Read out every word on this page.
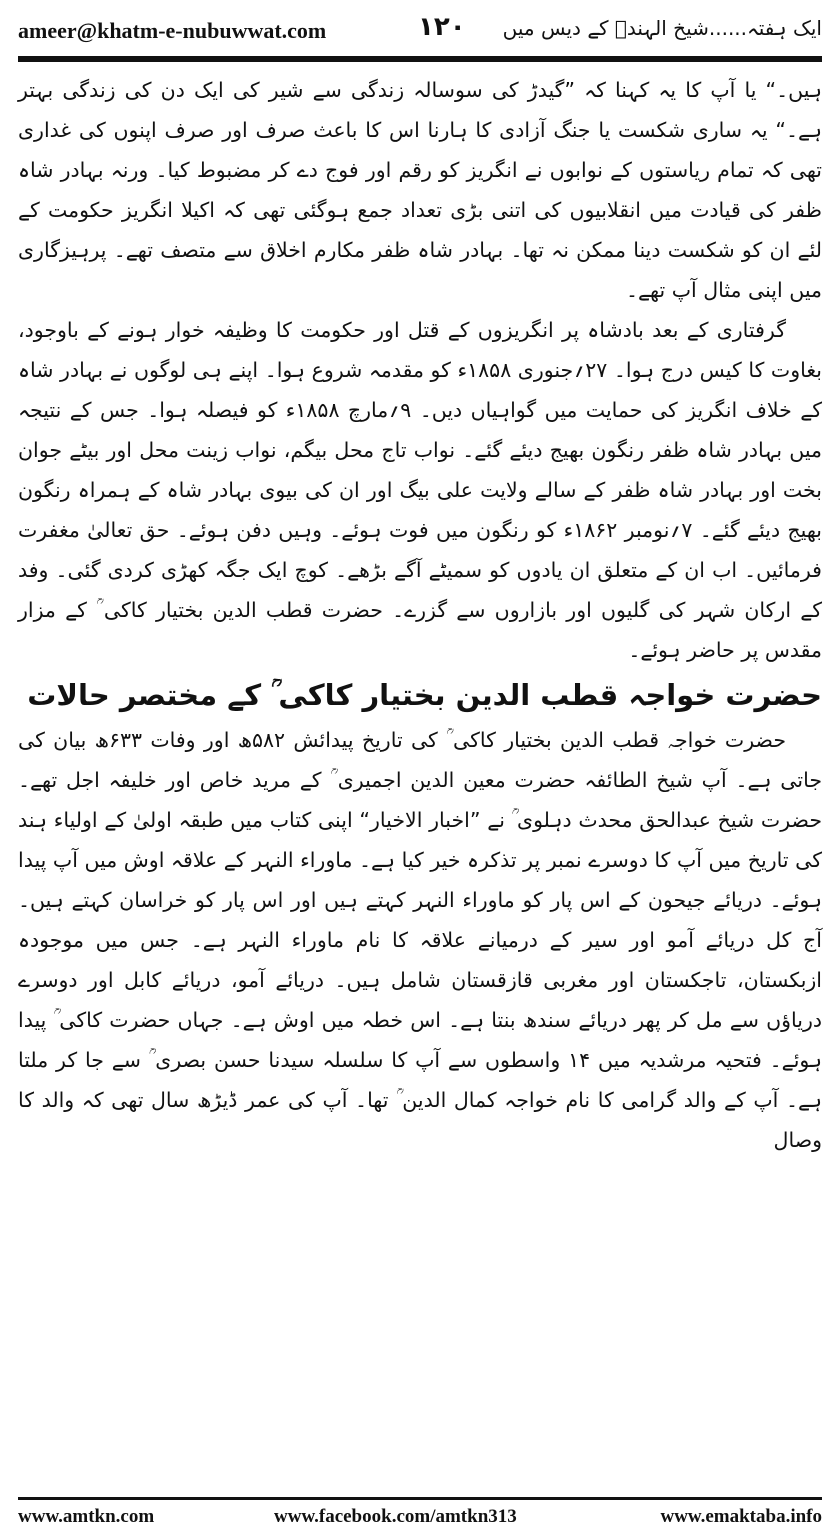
ameer@khatm-e-nubuwwat.com	۱۲۰ ایک ہفتہ......شیخ الہندؒ کے دیس میں

ہیں۔“ یا آپ کا یہ کہنا کہ ”گیدڑ کی سوسالہ زندگی سے شیر کی ایک دن کی زندگی بہتر ہے۔“ یہ ساری شکست یا جنگ آزادی کا ہارنا اس کا باعث صرف اور صرف اپنوں کی غداری تھی کہ تمام ریاستوں کے نوابوں نے انگریز کو رقم اور فوج دے کر مضبوط کیا۔ ورنہ بہادر شاہ ظفر کی قیادت میں انقلابیوں کی اتنی بڑی تعداد جمع ہوگئی تھی کہ اکیلا انگریز حکومت کے لئے ان کو شکست دینا ممکن نہ تھا۔ بہادر شاہ ظفر مکارم اخلاق سے متصف تھے۔ پرہیزگاری میں اپنی مثال آپ تھے۔

گرفتاری کے بعد بادشاہ پر انگریزوں کے قتل اور حکومت کا وظیفہ خوار ہونے کے باوجود، بغاوت کا کیس درج ہوا۔ ۲۷؍جنوری ۱۸۵۸ء کو مقدمہ شروع ہوا۔ اپنے ہی لوگوں نے بہادر شاہ کے خلاف انگریز کی حمایت میں گواہیاں دیں۔ ۹؍مارچ ۱۸۵۸ء کو فیصلہ ہوا۔ جس کے نتیجہ میں بہادر شاہ ظفر رنگون بھیج دیئے گئے۔ نواب تاج محل بیگم، نواب زینت محل اور بیٹے جوان بخت اور بہادر شاہ ظفر کے سالے ولایت علی بیگ اور ان کی بیوی بہادر شاہ کے ہمراہ رنگون بھیج دیئے گئے۔ ۷؍نومبر ۱۸۶۲ء کو رنگون میں فوت ہوئے۔ وہیں دفن ہوئے۔ حق تعالیٰ مغفرت فرمائیں۔ اب ان کے متعلق ان یادوں کو سمیٹے آگے بڑھے۔ کوچ ایک جگہ کھڑی کردی گئی۔ وفد کے ارکان شہر کی گلیوں اور بازاروں سے گزرے۔ حضرت قطب الدین بختیار کاکی ؒ کے مزار مقدس پر حاضر ہوئے۔

حضرت خواجہ قطب الدین بختیار کاکی ؒ کے مختصر حالات

حضرت خواجہ قطب الدین بختیار کاکی ؒ کی تاریخ پیدائش ۵۸۲ھ اور وفات ۶۳۳ھ بیان کی جاتی ہے۔ آپ شیخ الطائفہ حضرت معین الدین اجمیری ؒ کے مرید خاص اور خلیفہ اجل تھے۔ حضرت شیخ عبدالحق محدث دہلوی ؒ نے ”اخبار الاخیار“ اپنی کتاب میں طبقہ اولیٰ کے اولیاء ہند کی تاریخ میں آپ کا دوسرے نمبر پر تذکرہ خیر کیا ہے۔ ماوراء النہر کے علاقہ اوش میں آپ پیدا ہوئے۔ دریائے جیحون کے اس پار کو ماوراء النہر کہتے ہیں اور اس پار کو خراسان کہتے ہیں۔ آج کل دریائے آمو اور سیر کے درمیانے علاقہ کا نام ماوراء النہر ہے۔ جس میں موجودہ ازبکستان، تاجکستان اور مغربی قازقستان شامل ہیں۔ دریائے آمو، دریائے کابل اور دوسرے دریاؤں سے مل کر پھر دریائے سندھ بنتا ہے۔ اس خطہ میں اوش ہے۔ جہاں حضرت کاکی ؒ پیدا ہوئے۔ فتحیہ مرشدیہ میں ۱۴ واسطوں سے آپ کا سلسلہ سیدنا حسن بصری ؒ سے جا کر ملتا ہے۔ آپ کے والد گرامی کا نام خواجہ کمال الدین ؒ تھا۔ آپ کی عمر ڈیڑھ سال تھی کہ والد کا وصال

www.amtkn.com	www.facebook.com/amtkn313	www.emaktaba.info
